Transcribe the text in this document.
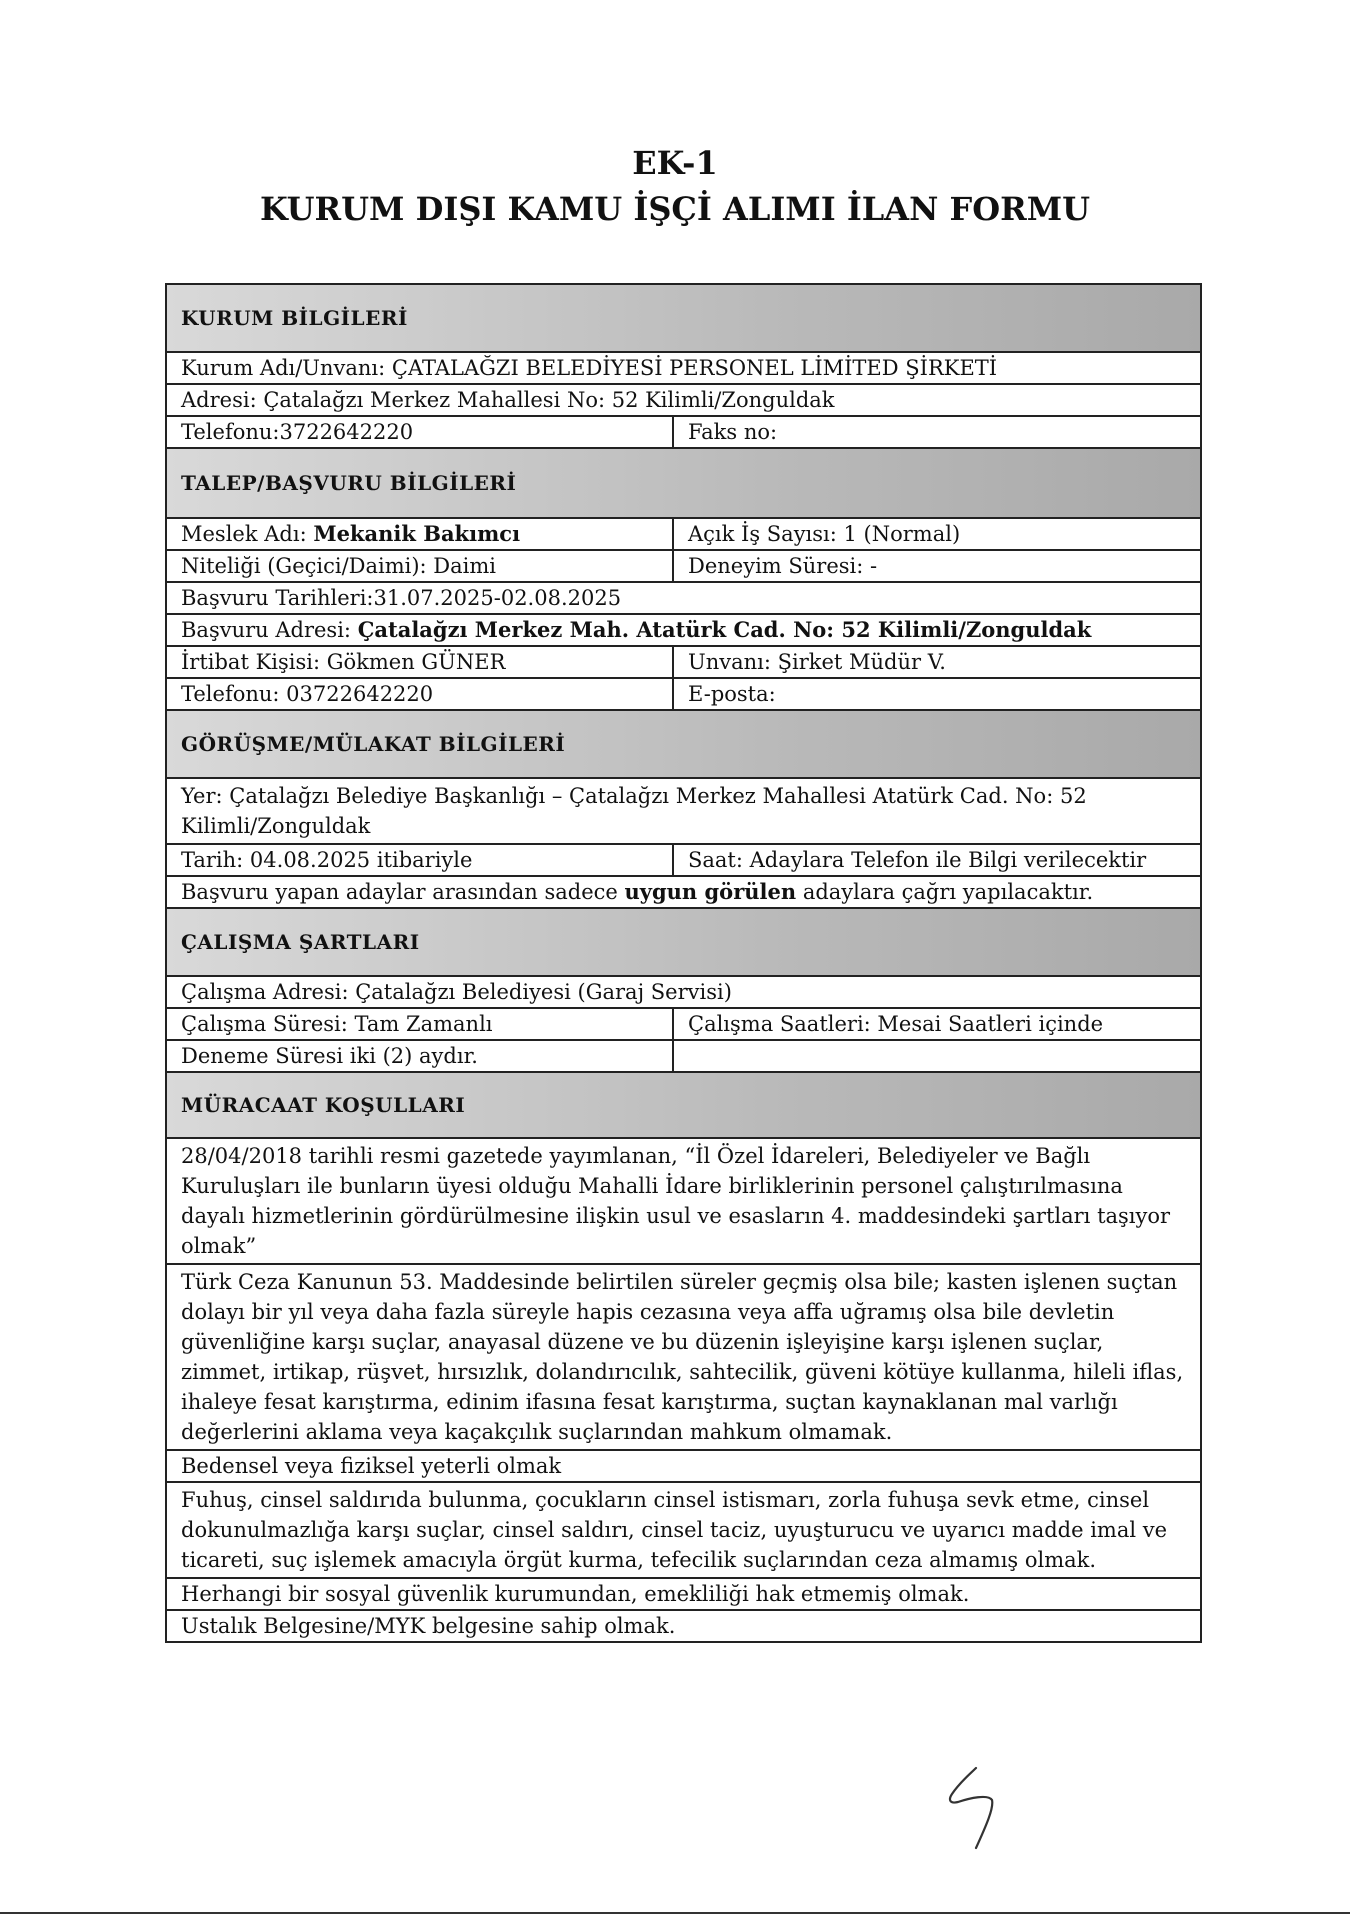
EK-1
KURUM DIŞI KAMU İŞÇİ ALIMI İLAN FORMU
KURUM BİLGİLERİ
Kurum Adı/Unvanı: ÇATALAĞZI BELEDİYESİ PERSONEL LİMİTED ŞİRKETİ
Adresi: Çatalağzı Merkez Mahallesi No: 52 Kilimli/Zonguldak
Telefonu:3722642220	Faks no:
TALEP/BAŞVURU BİLGİLERİ
Meslek Adı: Mekanik Bakımcı	Açık İş Sayısı: 1 (Normal)
Niteliği (Geçici/Daimi): Daimi	Deneyim Süresi: -
Başvuru Tarihleri:31.07.2025-02.08.2025
Başvuru Adresi: Çatalağzı Merkez Mah. Atatürk Cad. No: 52 Kilimli/Zonguldak
İrtibat Kişisi: Gökmen GÜNER	Unvanı: Şirket Müdür V.
Telefonu: 03722642220	E-posta:
GÖRÜŞME/MÜLAKAT BİLGİLERİ
Yer: Çatalağzı Belediye Başkanlığı – Çatalağzı Merkez Mahallesi Atatürk Cad. No: 52 Kilimli/Zonguldak
Tarih: 04.08.2025 itibariyle	Saat: Adaylara Telefon ile Bilgi verilecektir
Başvuru yapan adaylar arasından sadece uygun görülen adaylara çağrı yapılacaktır.
ÇALIŞMA ŞARTLARI
Çalışma Adresi: Çatalağzı Belediyesi (Garaj Servisi)
Çalışma Süresi: Tam Zamanlı	Çalışma Saatleri: Mesai Saatleri içinde
Deneme Süresi iki (2) aydır.
MÜRACAAT KOŞULLARI
28/04/2018 tarihli resmi gazetede yayımlanan, “İl Özel İdareleri, Belediyeler ve Bağlı Kuruluşları ile bunların üyesi olduğu Mahalli İdare birliklerinin personel çalıştırılmasına dayalı hizmetlerinin gördürülmesine ilişkin usul ve esasların 4. maddesindeki şartları taşıyor olmak”
Türk Ceza Kanunun 53. Maddesinde belirtilen süreler geçmiş olsa bile; kasten işlenen suçtan dolayı bir yıl veya daha fazla süreyle hapis cezasına veya affa uğramış olsa bile devletin güvenliğine karşı suçlar, anayasal düzene ve bu düzenin işleyişine karşı işlenen suçlar, zimmet, irtikap, rüşvet, hırsızlık, dolandırıcılık, sahtecilik, güveni kötüye kullanma, hileli iflas, ihaleye fesat karıştırma, edinim ifasına fesat karıştırma, suçtan kaynaklanan mal varlığı değerlerini aklama veya kaçakçılık suçlarından mahkum olmamak.
Bedensel veya fiziksel yeterli olmak
Fuhuş, cinsel saldırıda bulunma, çocukların cinsel istismarı, zorla fuhuşa sevk etme, cinsel dokunulmazlığa karşı suçlar, cinsel saldırı, cinsel taciz, uyuşturucu ve uyarıcı madde imal ve ticareti, suç işlemek amacıyla örgüt kurma, tefecilik suçlarından ceza almamış olmak.
Herhangi bir sosyal güvenlik kurumundan, emekliliği hak etmemiş olmak.
Ustalık Belgesine/MYK belgesine sahip olmak.
